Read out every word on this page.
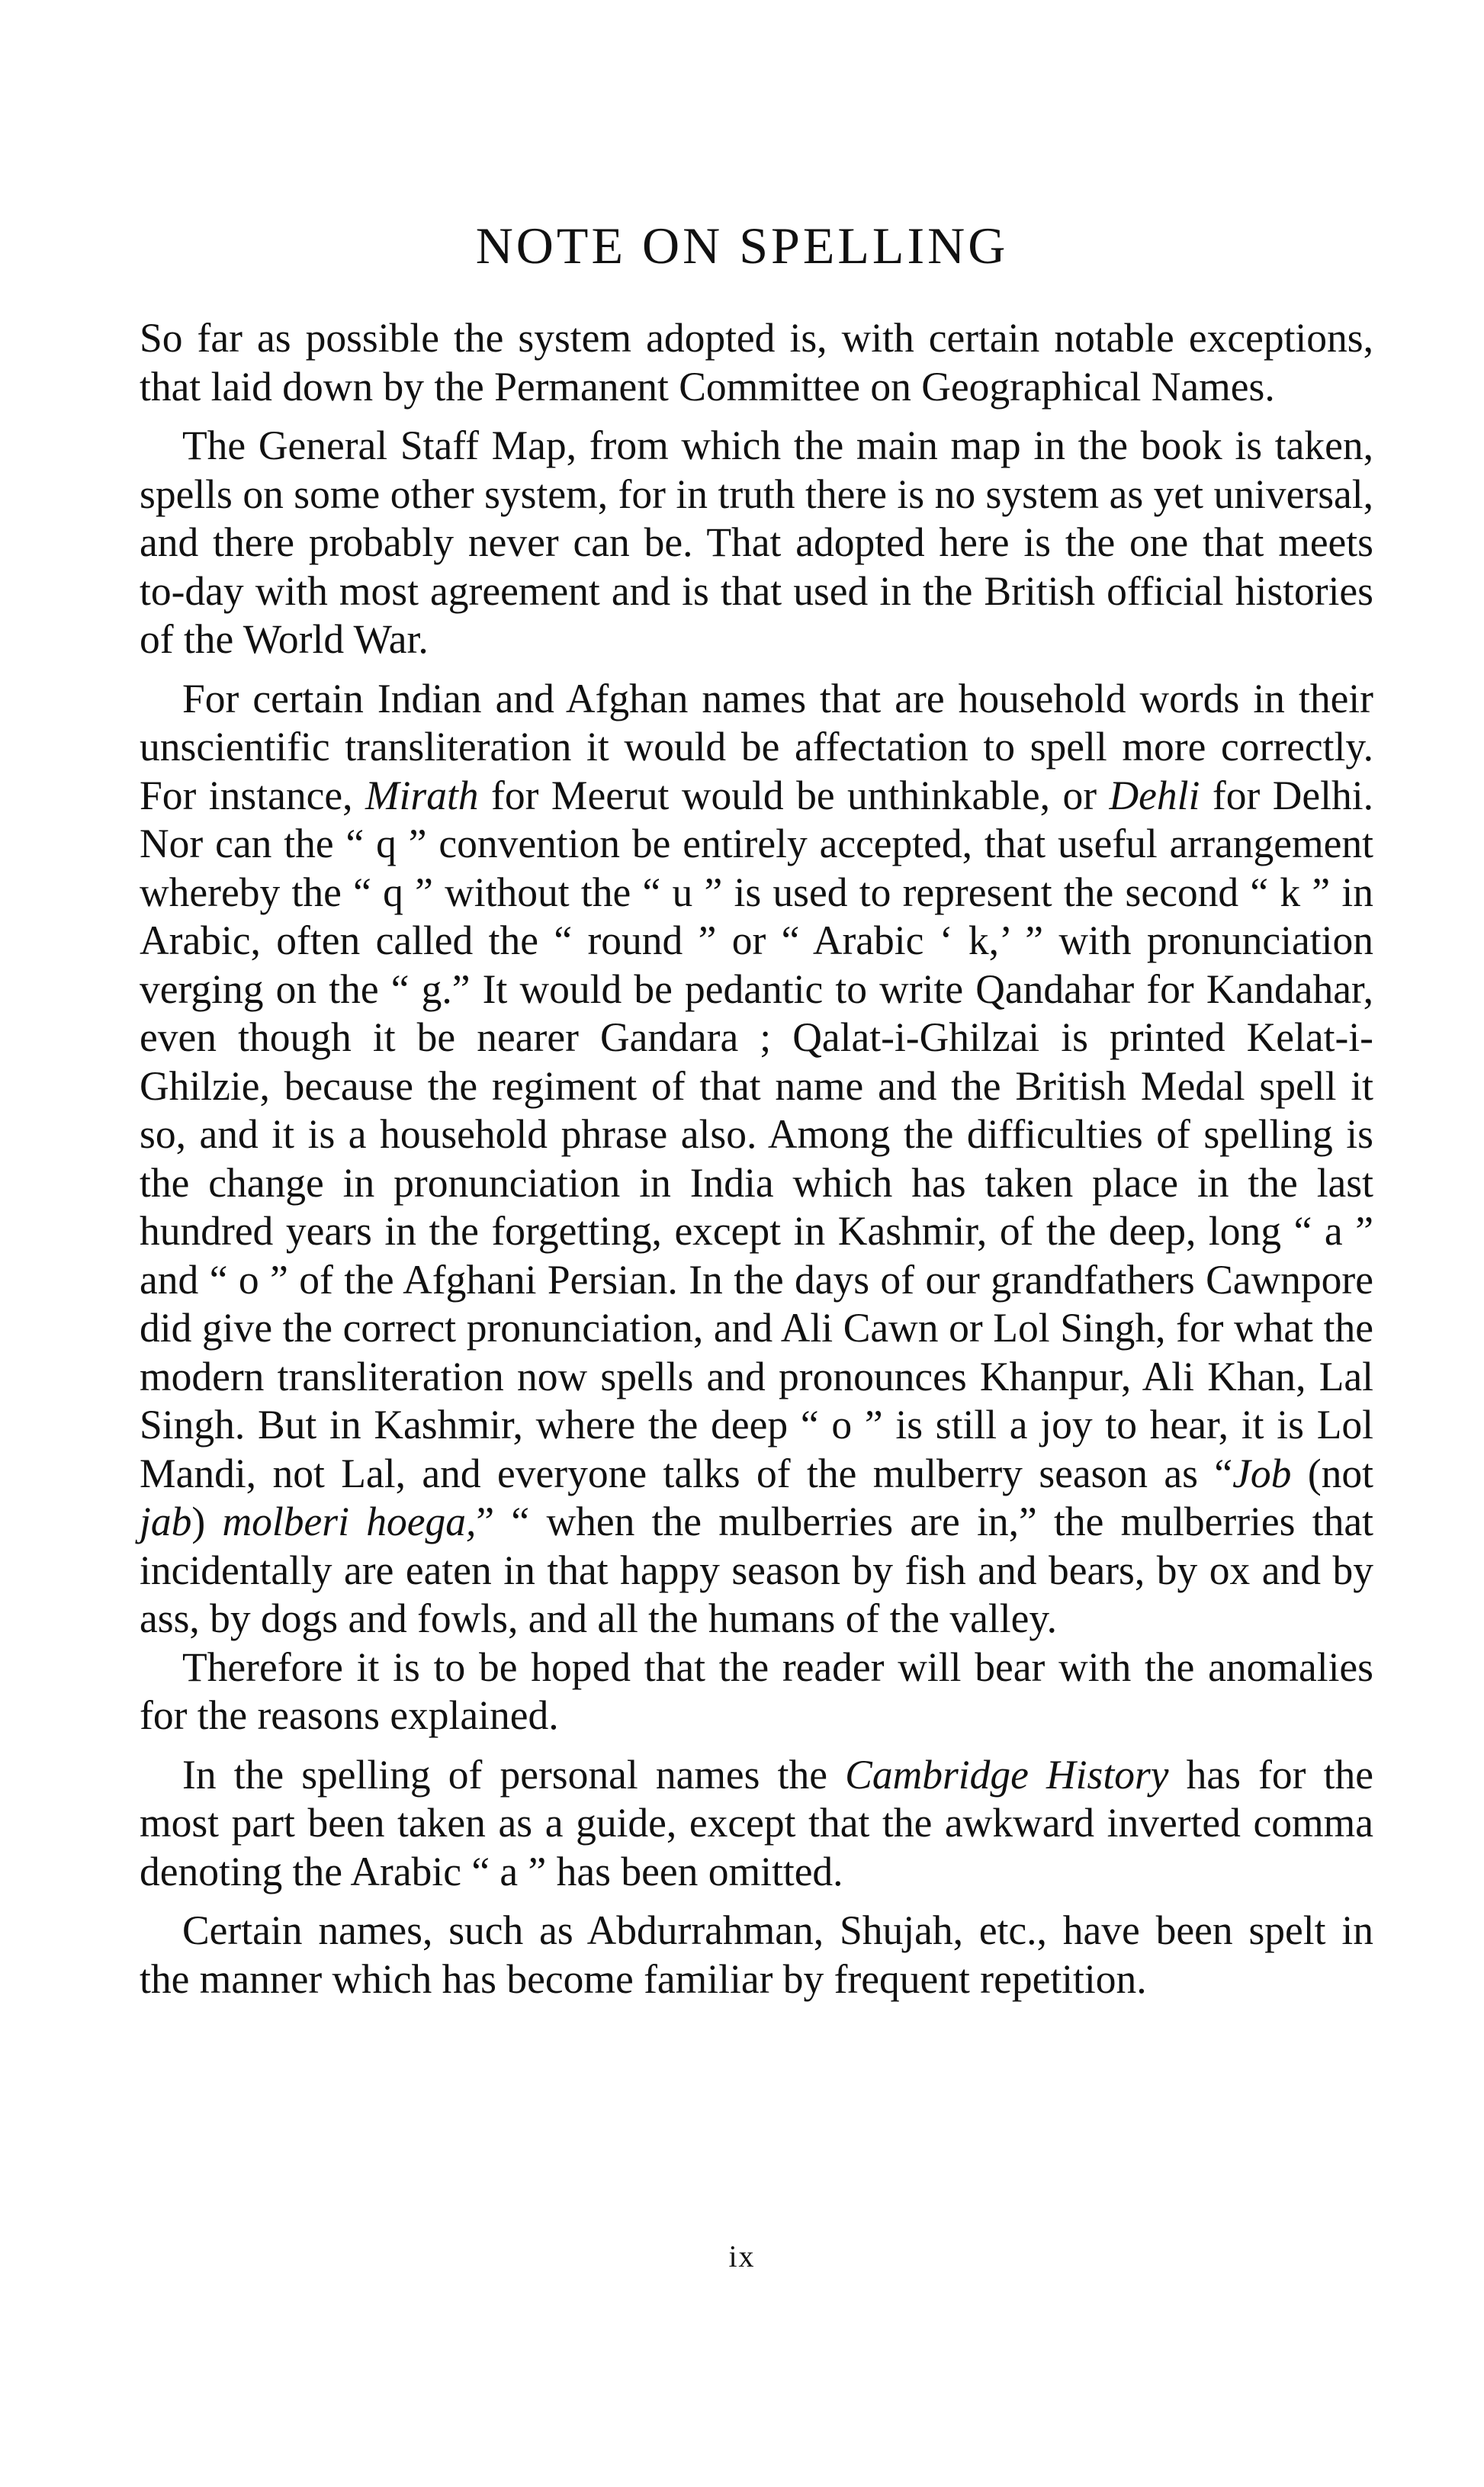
NOTE ON SPELLING

So far as possible the system adopted is, with certain notable exceptions, that laid down by the Permanent Committee on Geographical Names.

The General Staff Map, from which the main map in the book is taken, spells on some other system, for in truth there is no system as yet universal, and there probably never can be. That adopted here is the one that meets to-day with most agreement and is that used in the British official histories of the World War.

For certain Indian and Afghan names that are household words in their unscientific transliteration it would be affectation to spell more correctly. For instance, Mirath for Meerut would be unthinkable, or Dehli for Delhi. Nor can the “ q ” convention be entirely accepted, that useful arrangement whereby the “ q ” without the “ u ” is used to represent the second “ k ” in Arabic, often called the “ round ” or “ Arabic ‘ k,’ ” with pronunciation verging on the “ g.” It would be pedantic to write Qandahar for Kandahar, even though it be nearer Gandara ; Qalat-i-Ghilzai is printed Kelat-i-Ghilzie, because the regiment of that name and the British Medal spell it so, and it is a household phrase also. Among the difficulties of spelling is the change in pronunciation in India which has taken place in the last hundred years in the forgetting, except in Kashmir, of the deep, long “ a ” and “ o ” of the Afghani Persian. In the days of our grandfathers Cawnpore did give the correct pronunciation, and Ali Cawn or Lol Singh, for what the modern transliteration now spells and pronounces Khanpur, Ali Khan, Lal Singh. But in Kashmir, where the deep “ o ” is still a joy to hear, it is Lol Mandi, not Lal, and everyone talks of the mulberry season as “Job (not jab) molberi hoega,” “ when the mulberries are in,” the mulberries that incidentally are eaten in that happy season by fish and bears, by ox and by ass, by dogs and fowls, and all the humans of the valley.

Therefore it is to be hoped that the reader will bear with the anomalies for the reasons explained.

In the spelling of personal names the Cambridge History has for the most part been taken as a guide, except that the awkward inverted comma denoting the Arabic “ a ” has been omitted.

Certain names, such as Abdurrahman, Shujah, etc., have been spelt in the manner which has become familiar by frequent repetition.

ix
